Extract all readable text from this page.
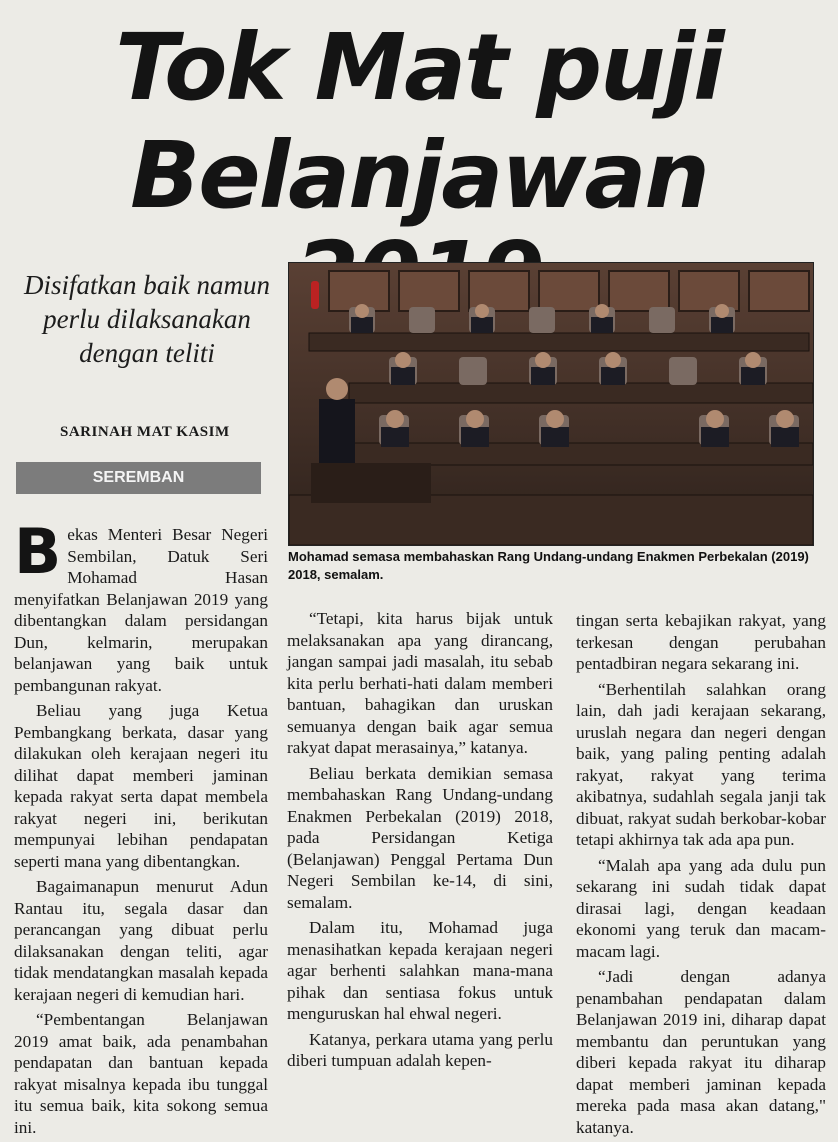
Tok Mat puji
Belanjawan

Disifatkan baik namun perlu dilaksanakan dengan teliti

SARINAH MAT KASIM

SEREMBAN

Mohamad semasa membahaskan Rang Undang-undang Enakmen Perbekalan (2019) 2018, semalam.

Bekas Menteri Besar Negeri Sembilan, Datuk Seri Mohamad Hasan menyifatkan Belanjawan 2019 yang dibentangkan dalam persidangan Dun, kelmarin, merupakan belanjawan yang baik untuk pembangunan rakyat.

Beliau yang juga Ketua Pembangkang berkata, dasar yang dilakukan oleh kerajaan negeri itu dilihat dapat memberi jaminan kepada rakyat serta dapat membela rakyat negeri ini, berikutan mempunyai lebihan pendapatan seperti mana yang dibentangkan.

Bagaimanapun menurut Adun Rantau itu, segala dasar dan perancangan yang dibuat perlu dilaksanakan dengan teliti, agar tidak mendatangkan masalah kepada kerajaan negeri di kemudian hari.

“Pembentangan Belanjawan 2019 amat baik, ada penambahan pendapatan dan bantuan kepada rakyat misalnya kepada ibu tunggal itu semua baik, kita sokong semua ini.

“Tetapi, kita harus bijak untuk melaksanakan apa yang dirancang, jangan sampai jadi masalah, itu sebab kita perlu berhati-hati dalam memberi bantuan, bahagikan dan uruskan semuanya dengan baik agar semua rakyat dapat merasainya,” katanya.

Beliau berkata demikian semasa membahaskan Rang Undang-undang Enakmen Perbekalan (2019) 2018, pada Persidangan Ketiga (Belanjawan) Penggal Pertama Dun Negeri Sembilan ke-14, di sini, semalam.

Dalam itu, Mohamad juga menasihatkan kepada kerajaan negeri agar berhenti salahkan mana-mana pihak dan sentiasa fokus untuk menguruskan hal ehwal negeri.

Katanya, perkara utama yang perlu diberi tumpuan adalah kepen-

tingan serta kebajikan rakyat, yang terkesan dengan perubahan pentadbiran negara sekarang ini.

“Berhentilah salahkan orang lain, dah jadi kerajaan sekarang, uruslah negara dan negeri dengan baik, yang paling penting adalah rakyat, rakyat yang terima akibatnya, sudahlah segala janji tak dibuat, rakyat sudah berkobar-kobar tetapi akhirnya tak ada apa pun.

“Malah apa yang ada dulu pun sekarang ini sudah tidak dapat dirasai lagi, dengan keadaan ekonomi yang teruk dan macam-macam lagi.

“Jadi dengan adanya penambahan pendapatan dalam Belanjawan 2019 ini, diharap dapat membantu dan peruntukan yang diberi kepada rakyat itu diharap dapat memberi jaminan kepada mereka pada masa akan datang," katanya.
